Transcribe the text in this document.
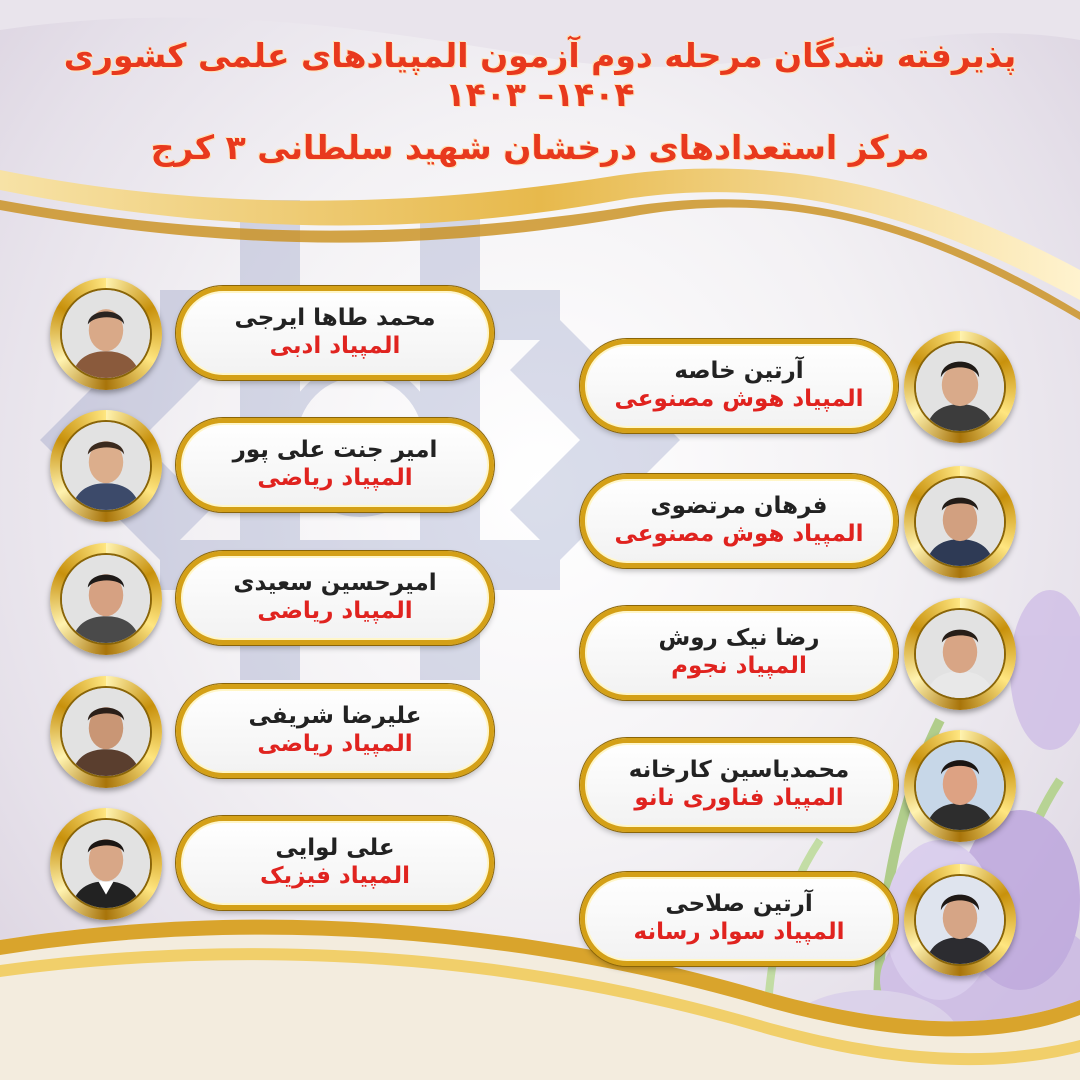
پذیرفته شدگان مرحله دوم آزمون المپیادهای علمی کشوری ۱۴۰۴– ۱۴۰۳
مرکز استعدادهای درخشان شهید سلطانی ۳ کرج
محمد طاها ایرجی
المپیاد ادبی
امیر جنت علی پور
المپیاد ریاضی
امیرحسین سعیدی
المپیاد ریاضی
علیرضا شریفی
المپیاد ریاضی
علی لوایی
المپیاد فیزیک
آرتین خاصه
المپیاد هوش مصنوعی
فرهان مرتضوی
المپیاد هوش مصنوعی
رضا نیک روش
المپیاد نجوم
محمدیاسین کارخانه
المپیاد فناوری نانو
آرتین صلاحی
المپیاد سواد رسانه
